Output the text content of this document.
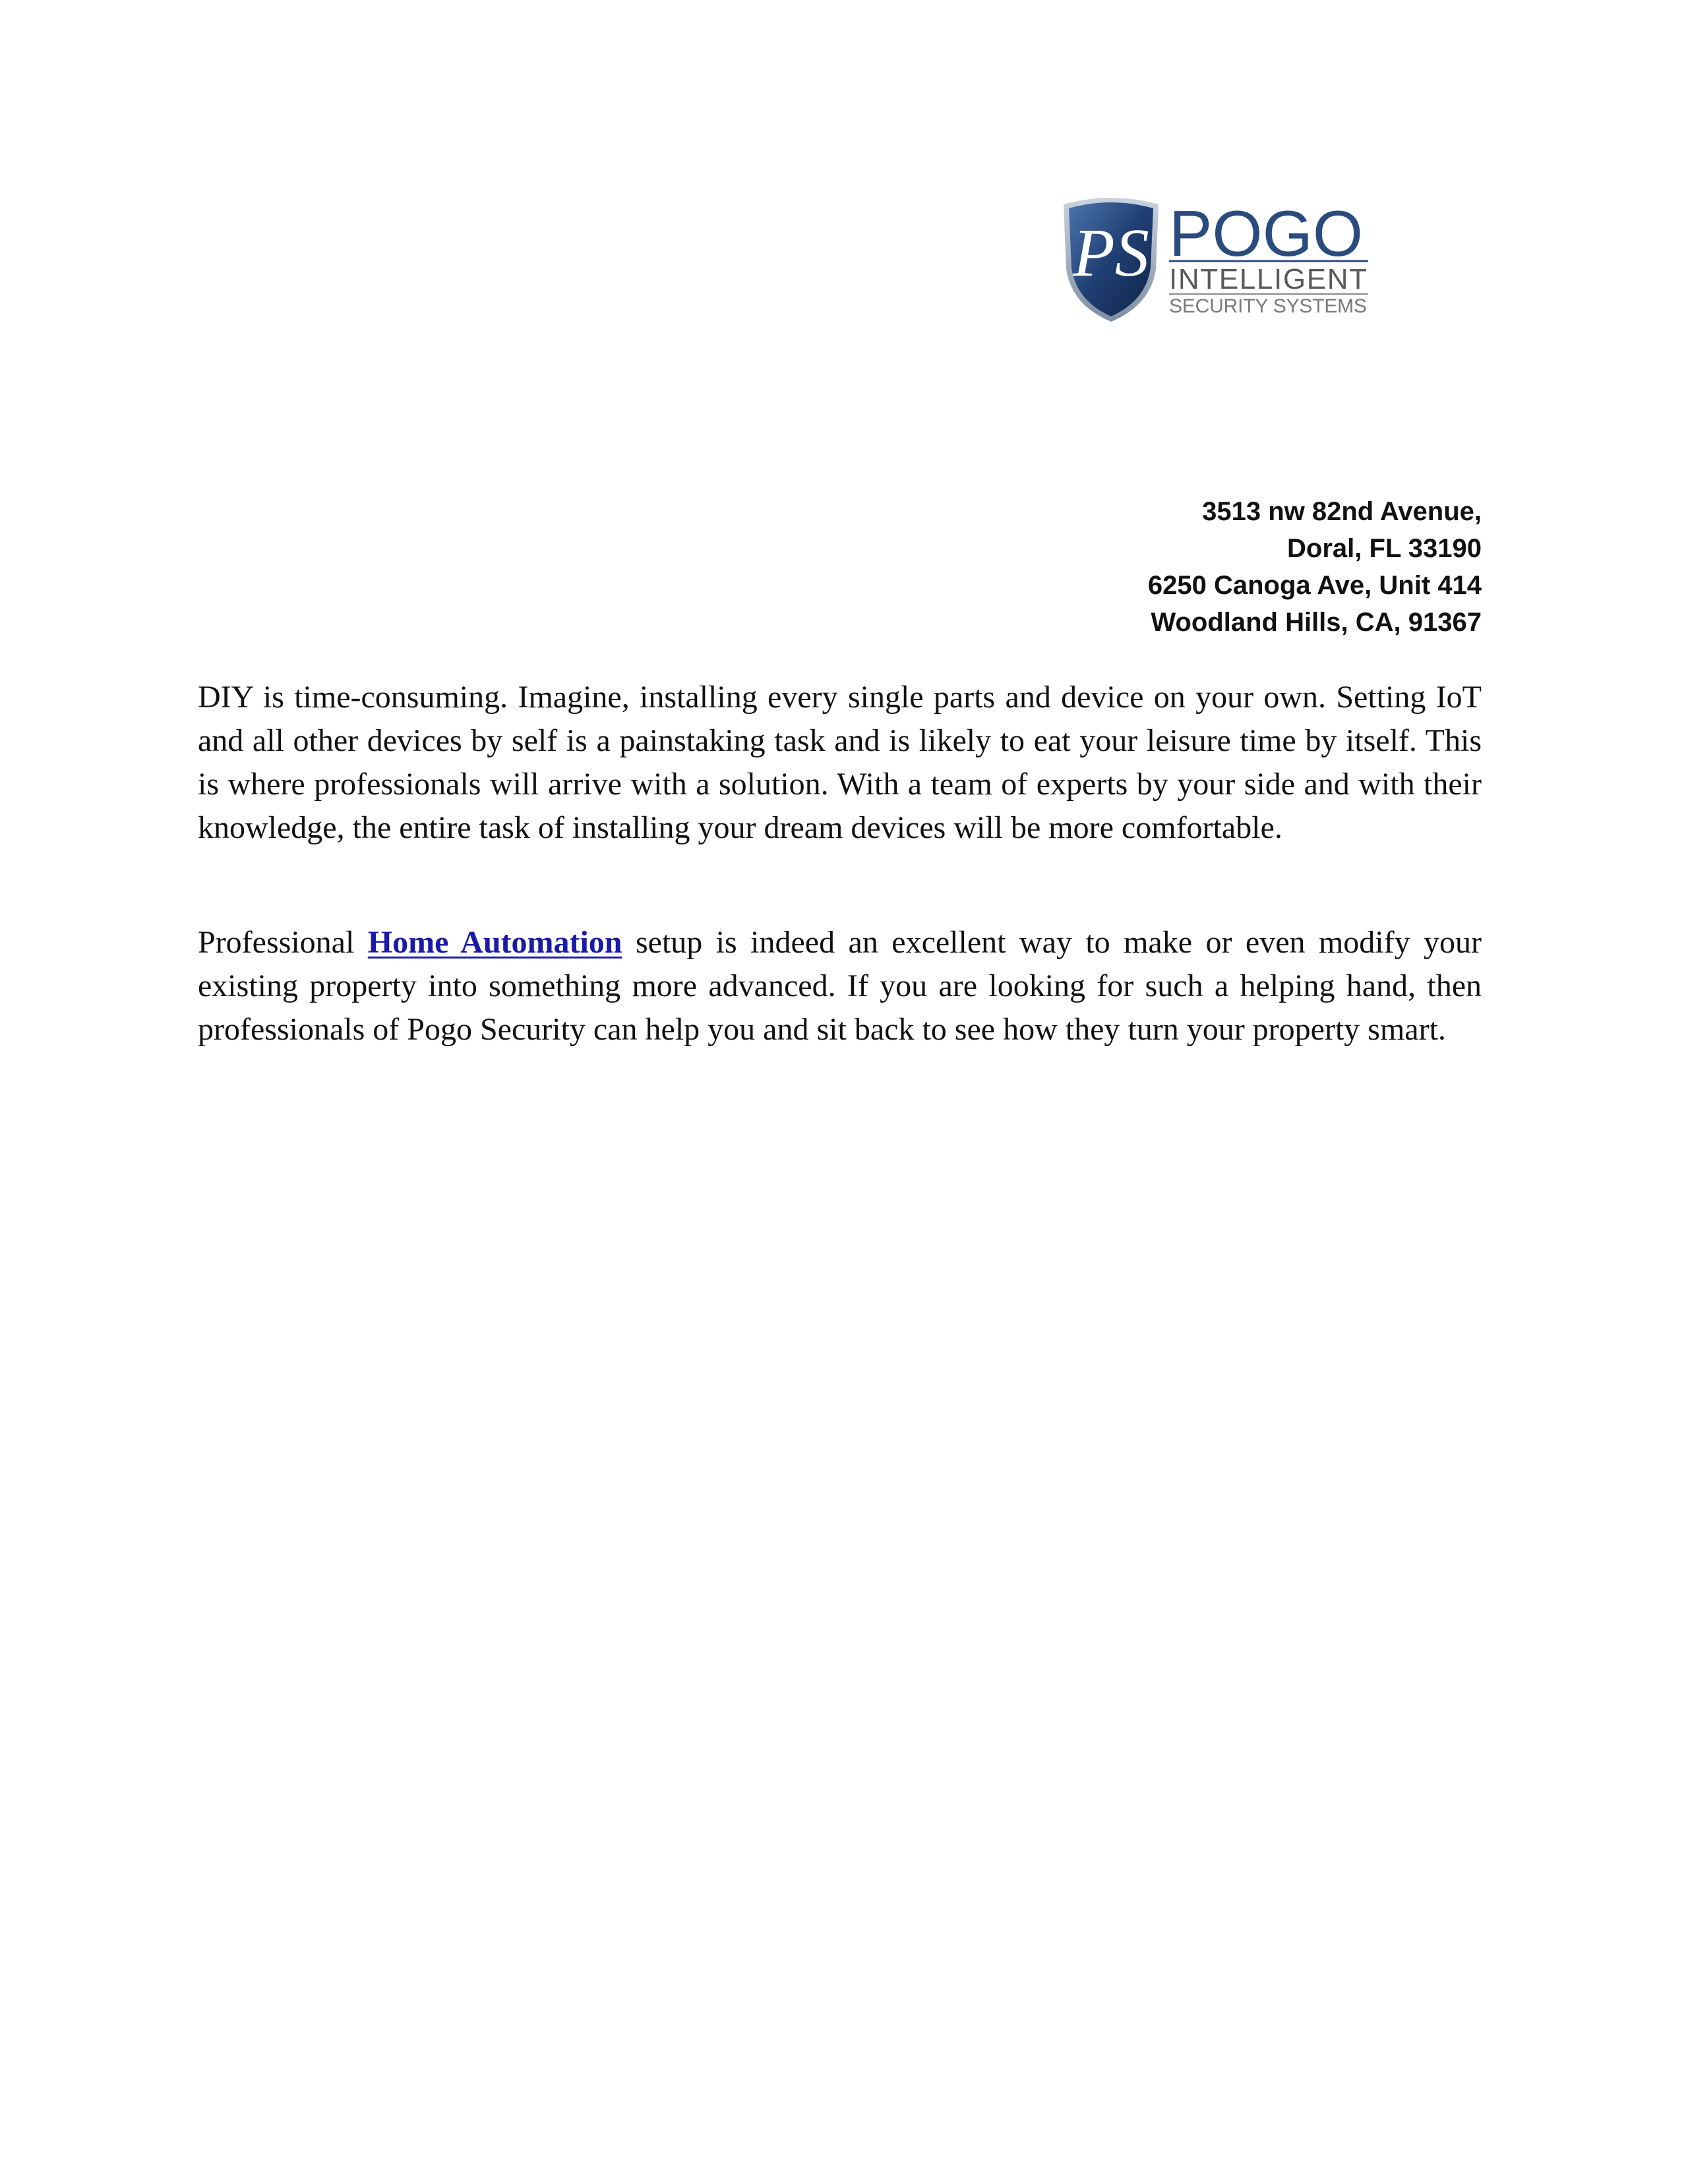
PS POGO
INTELLIGENT
SECURITY SYSTEMS
3513 nw 82nd Avenue,
Doral, FL 33190
6250 Canoga Ave, Unit 414
Woodland Hills, CA, 91367

DIY is time-consuming. Imagine, installing every single parts and device on your own. Setting IoT and all other devices by self is a painstaking task and is likely to eat your leisure time by itself. This is where professionals will arrive with a solution. With a team of experts by your side and with their knowledge, the entire task of installing your dream devices will be more comfortable.

Professional Home Automation setup is indeed an excellent way to make or even modify your existing property into something more advanced. If you are looking for such a helping hand, then professionals of Pogo Security can help you and sit back to see how they turn your property smart.
